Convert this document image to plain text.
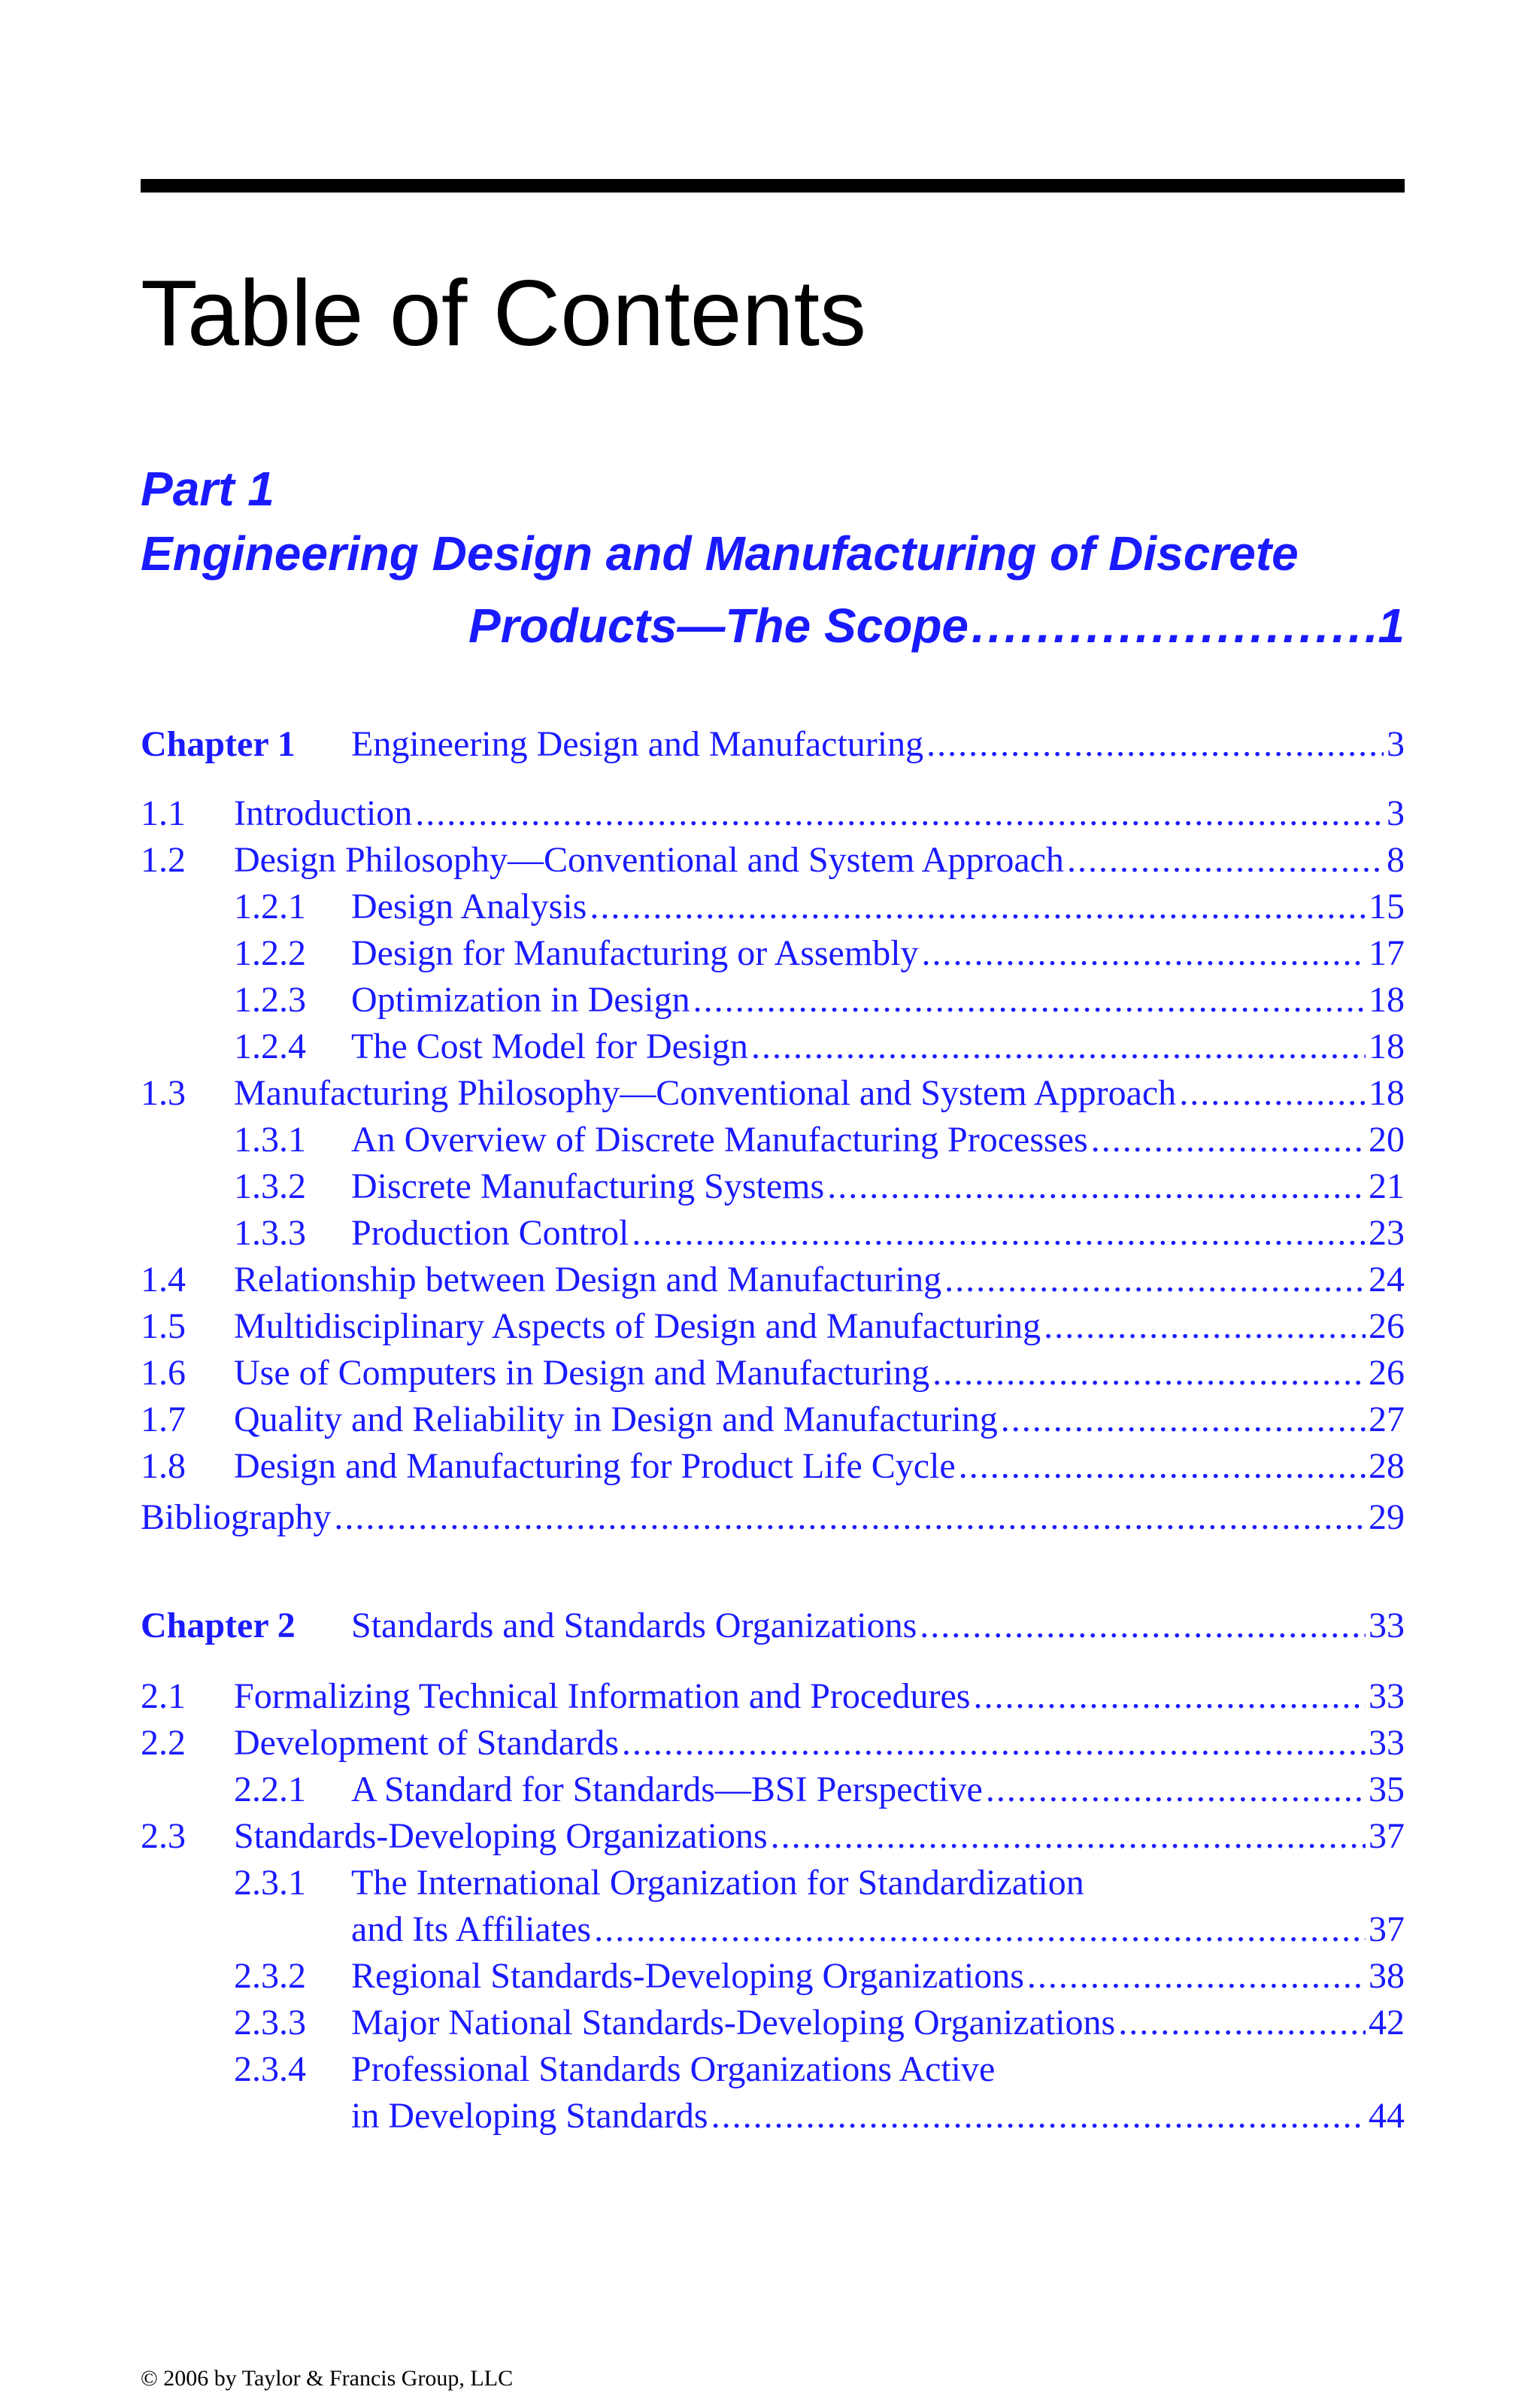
Table of Contents
Part 1
Engineering Design and Manufacturing of Discrete
Products—The Scope .....	1
Chapter 1 Engineering Design and Manufacturing .....	3
1.1 Introduction .....	3
1.2 Design Philosophy—Conventional and System Approach .....	8
1.2.1 Design Analysis .....	15
1.2.2 Design for Manufacturing or Assembly .....	17
1.2.3 Optimization in Design .....	18
1.2.4 The Cost Model for Design .....	18
1.3 Manufacturing Philosophy—Conventional and System Approach .....	18
1.3.1 An Overview of Discrete Manufacturing Processes .....	20
1.3.2 Discrete Manufacturing Systems .....	21
1.3.3 Production Control .....	23
1.4 Relationship between Design and Manufacturing .....	24
1.5 Multidisciplinary Aspects of Design and Manufacturing .....	26
1.6 Use of Computers in Design and Manufacturing .....	26
1.7 Quality and Reliability in Design and Manufacturing .....	27
1.8 Design and Manufacturing for Product Life Cycle .....	28
Bibliography .....	29
Chapter 2 Standards and Standards Organizations .....	33
2.1 Formalizing Technical Information and Procedures .....	33
2.2 Development of Standards .....	33
2.2.1 A Standard for Standards—BSI Perspective .....	35
2.3 Standards-Developing Organizations .....	37
2.3.1 The International Organization for Standardization
and Its Affiliates .....	37
2.3.2 Regional Standards-Developing Organizations .....	38
2.3.3 Major National Standards-Developing Organizations .....	42
2.3.4 Professional Standards Organizations Active
in Developing Standards .....	44
© 2006 by Taylor & Francis Group, LLC
